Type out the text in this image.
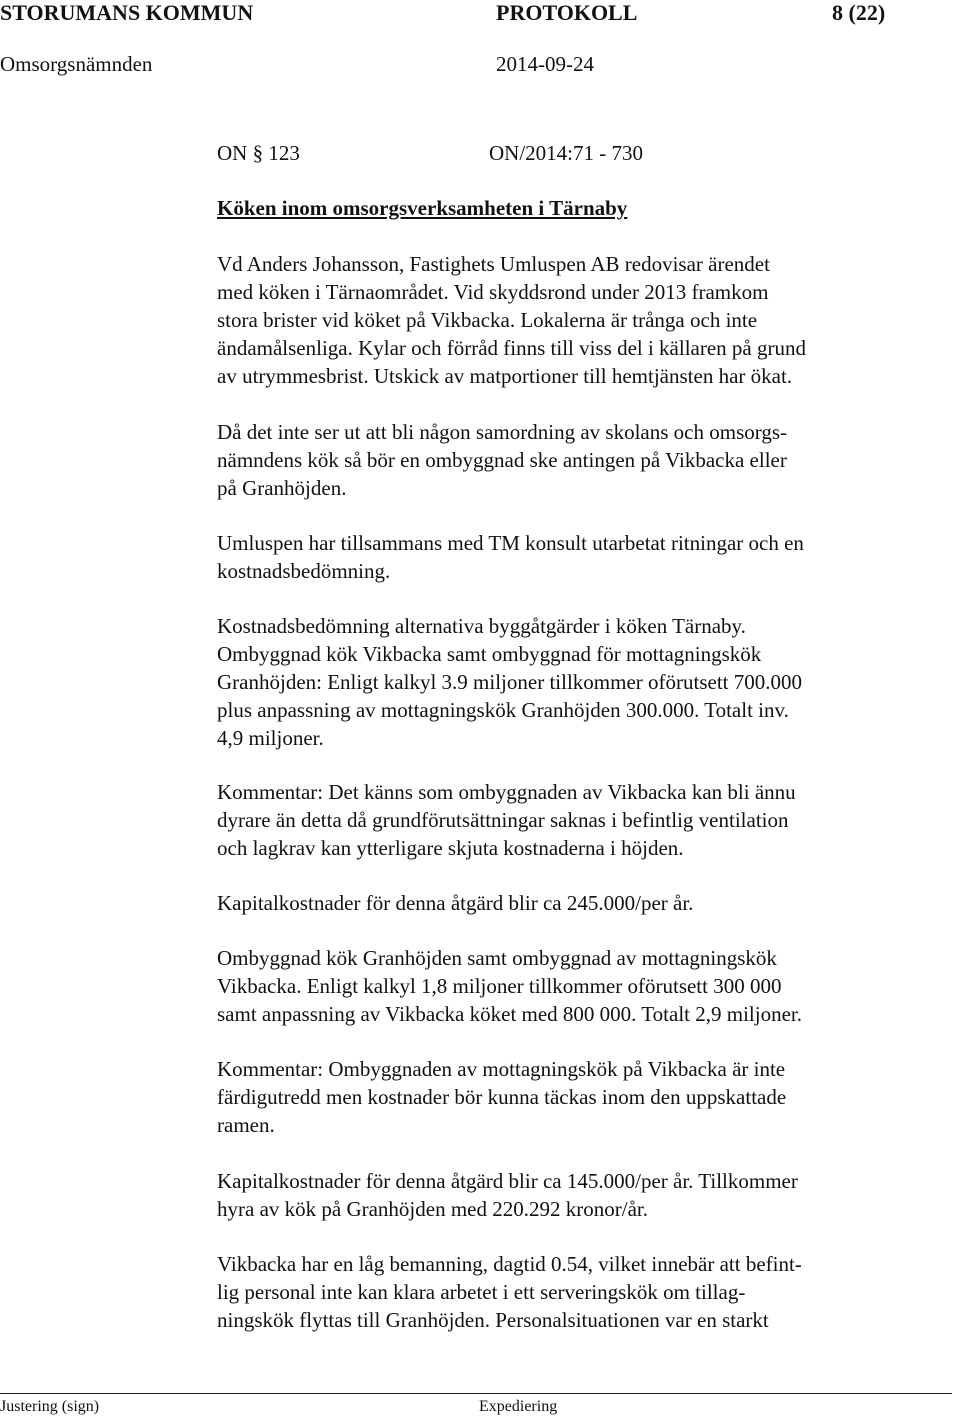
STORUMANS KOMMUN	PROTOKOLL	8 (22)
Omsorgsnämnden	2014-09-24
ON § 123	ON/2014:71 - 730
Köken inom omsorgsverksamheten i Tärnaby
Vd Anders Johansson, Fastighets Umluspen AB redovisar ärendet
med köken i Tärnaområdet. Vid skyddsrond under 2013 framkom
stora brister vid köket på Vikbacka. Lokalerna är trånga och inte
ändamålsenliga. Kylar och förråd finns till viss del i källaren på grund
av utrymmesbrist. Utskick av matportioner till hemtjänsten har ökat.
Då det inte ser ut att bli någon samordning av skolans och omsorgs-
nämndens kök så bör en ombyggnad ske antingen på Vikbacka eller
på Granhöjden.
Umluspen har tillsammans med TM konsult utarbetat ritningar och en
kostnadsbedömning.
Kostnadsbedömning alternativa byggåtgärder i köken Tärnaby.
Ombyggnad kök Vikbacka samt ombyggnad för mottagningskök
Granhöjden: Enligt kalkyl 3.9 miljoner tillkommer oförutsett 700.000
plus anpassning av mottagningskök Granhöjden 300.000. Totalt inv.
4,9 miljoner.
Kommentar: Det känns som ombyggnaden av Vikbacka kan bli ännu
dyrare än detta då grundförutsättningar saknas i befintlig ventilation
och lagkrav kan ytterligare skjuta kostnaderna i höjden.
Kapitalkostnader för denna åtgärd blir ca 245.000/per år.
Ombyggnad kök Granhöjden samt ombyggnad av mottagningskök
Vikbacka. Enligt kalkyl 1,8 miljoner tillkommer oförutsett 300 000
samt anpassning av Vikbacka köket med 800 000. Totalt 2,9 miljoner.
Kommentar: Ombyggnaden av mottagningskök på Vikbacka är inte
färdigutredd men kostnader bör kunna täckas inom den uppskattade
ramen.
Kapitalkostnader för denna åtgärd blir ca 145.000/per år. Tillkommer
hyra av kök på Granhöjden med 220.292 kronor/år.
Vikbacka har en låg bemanning, dagtid 0.54, vilket innebär att befint-
lig personal inte kan klara arbetet i ett serveringskök om tillag-
ningskök flyttas till Granhöjden. Personalsituationen var en starkt
Justering (sign)	Expediering
